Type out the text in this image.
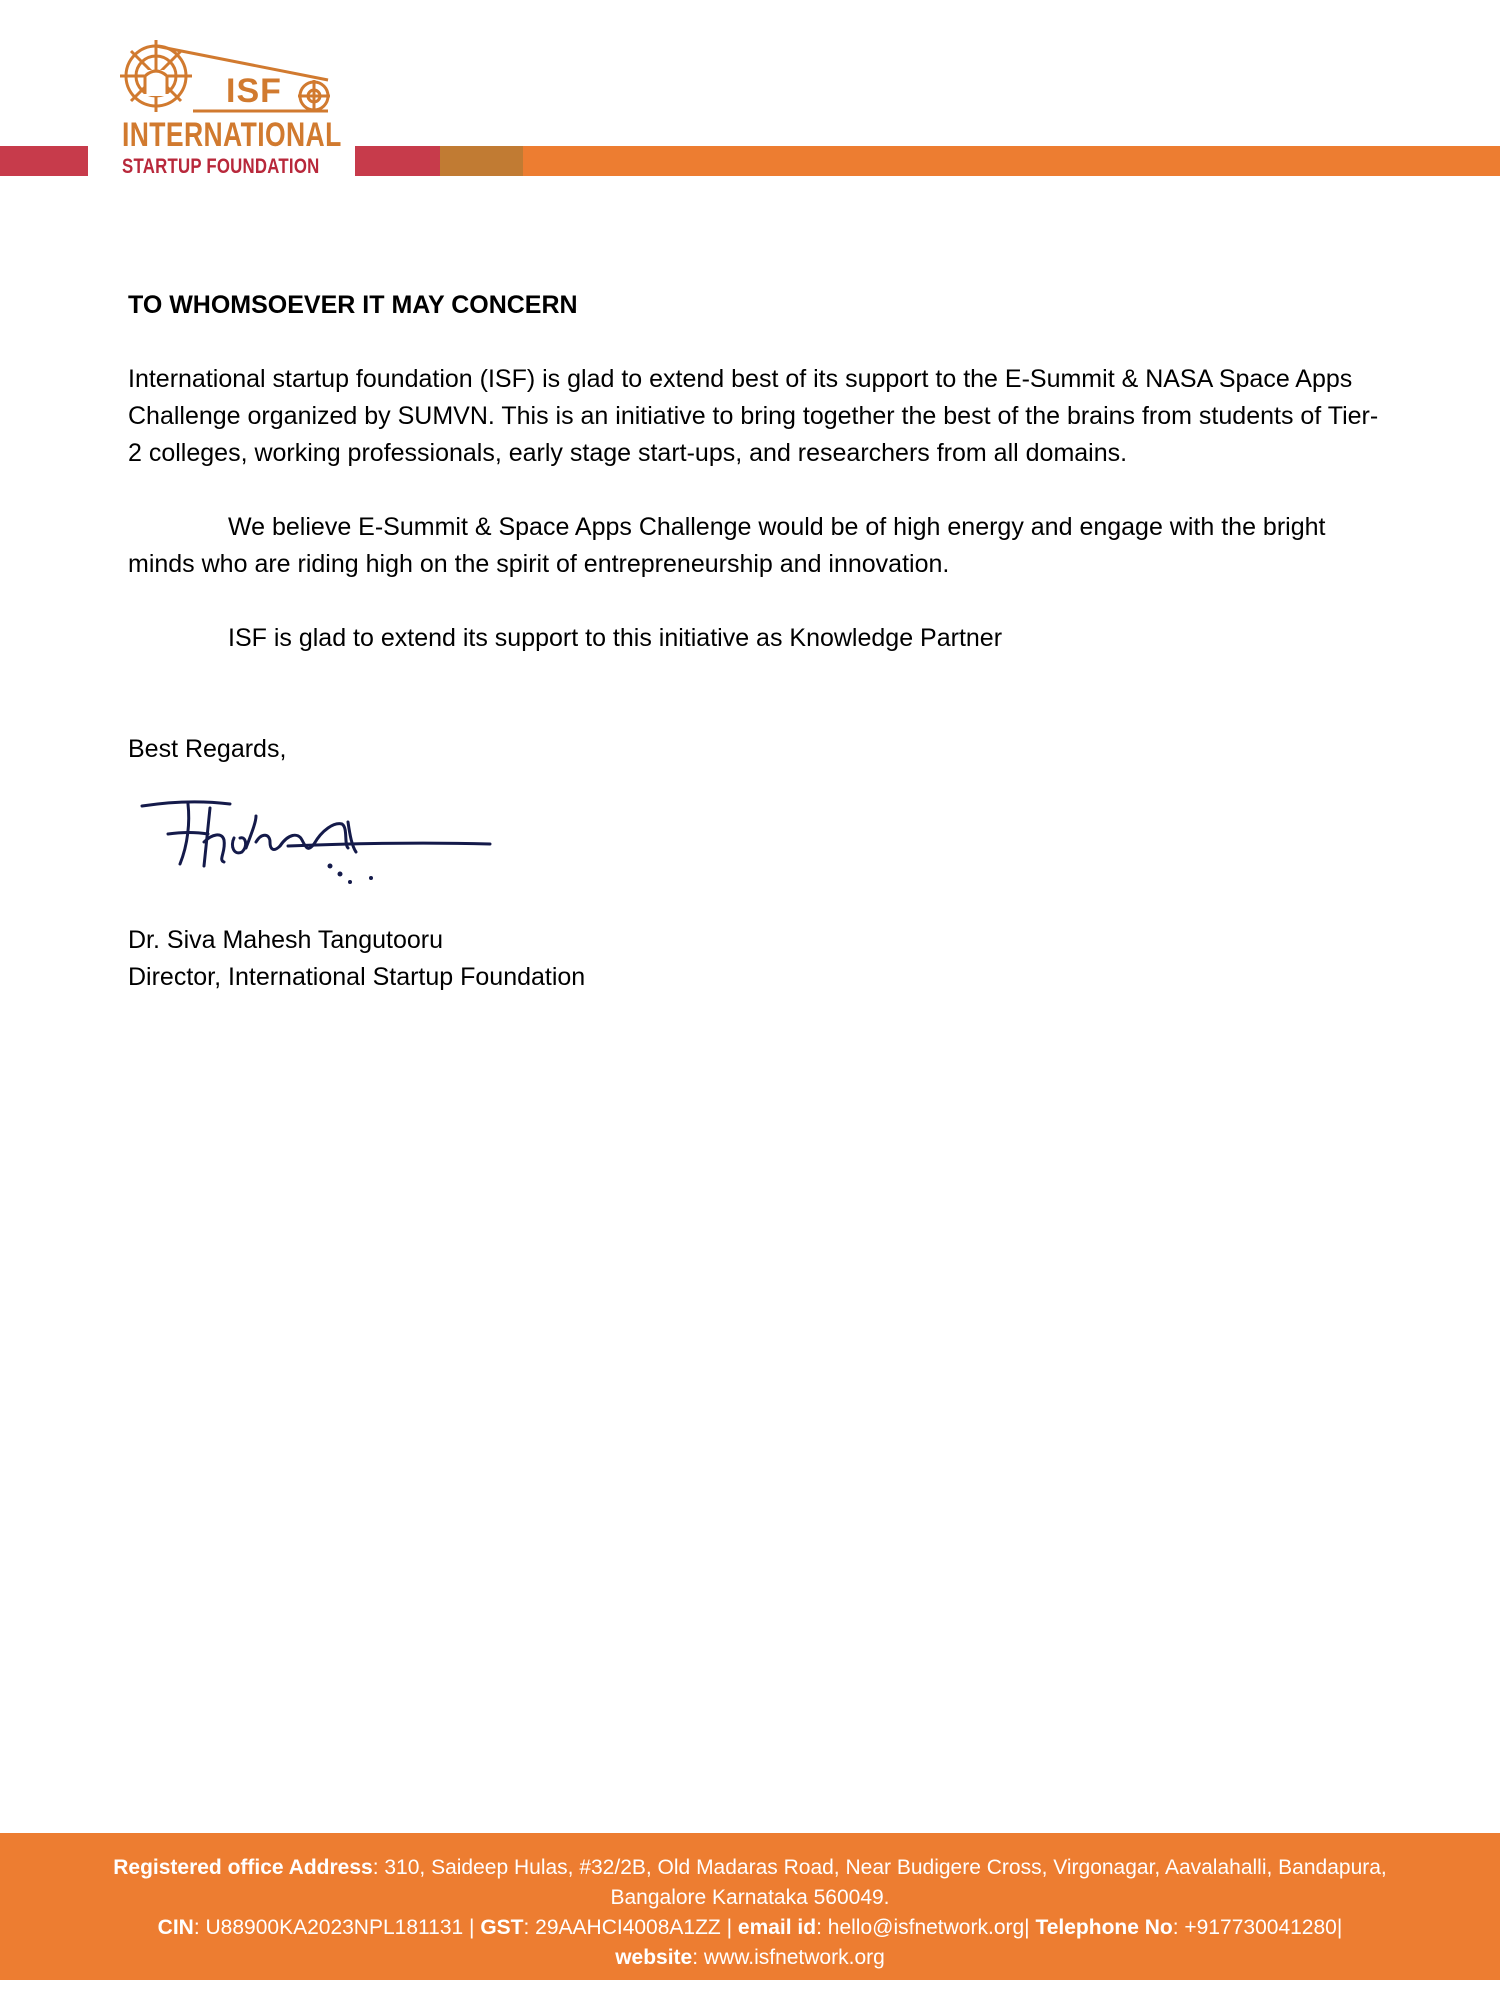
ISF
INTERNATIONAL
STARTUP FOUNDATION

TO WHOMSOEVER IT MAY CONCERN

International startup foundation (ISF) is glad to extend best of its support to the E-Summit & NASA Space Apps Challenge organized by SUMVN. This is an initiative to bring together the best of the brains from students of Tier-2 colleges, working professionals, early stage start-ups, and researchers from all domains.

We believe E-Summit & Space Apps Challenge would be of high energy and engage with the bright minds who are riding high on the spirit of entrepreneurship and innovation.

ISF is glad to extend its support to this initiative as Knowledge Partner

Best Regards,

Dr. Siva Mahesh Tangutooru
Director, International Startup Foundation
Registered office Address: 310, Saideep Hulas, #32/2B, Old Madaras Road, Near Budigere Cross, Virgonagar, Aavalahalli, Bandapura,
Bangalore Karnataka 560049.
CIN: U88900KA2023NPL181131 | GST: 29AAHCI4008A1ZZ | email id: hello@isfnetwork.org| Telephone No: +917730041280|
website: www.isfnetwork.org
